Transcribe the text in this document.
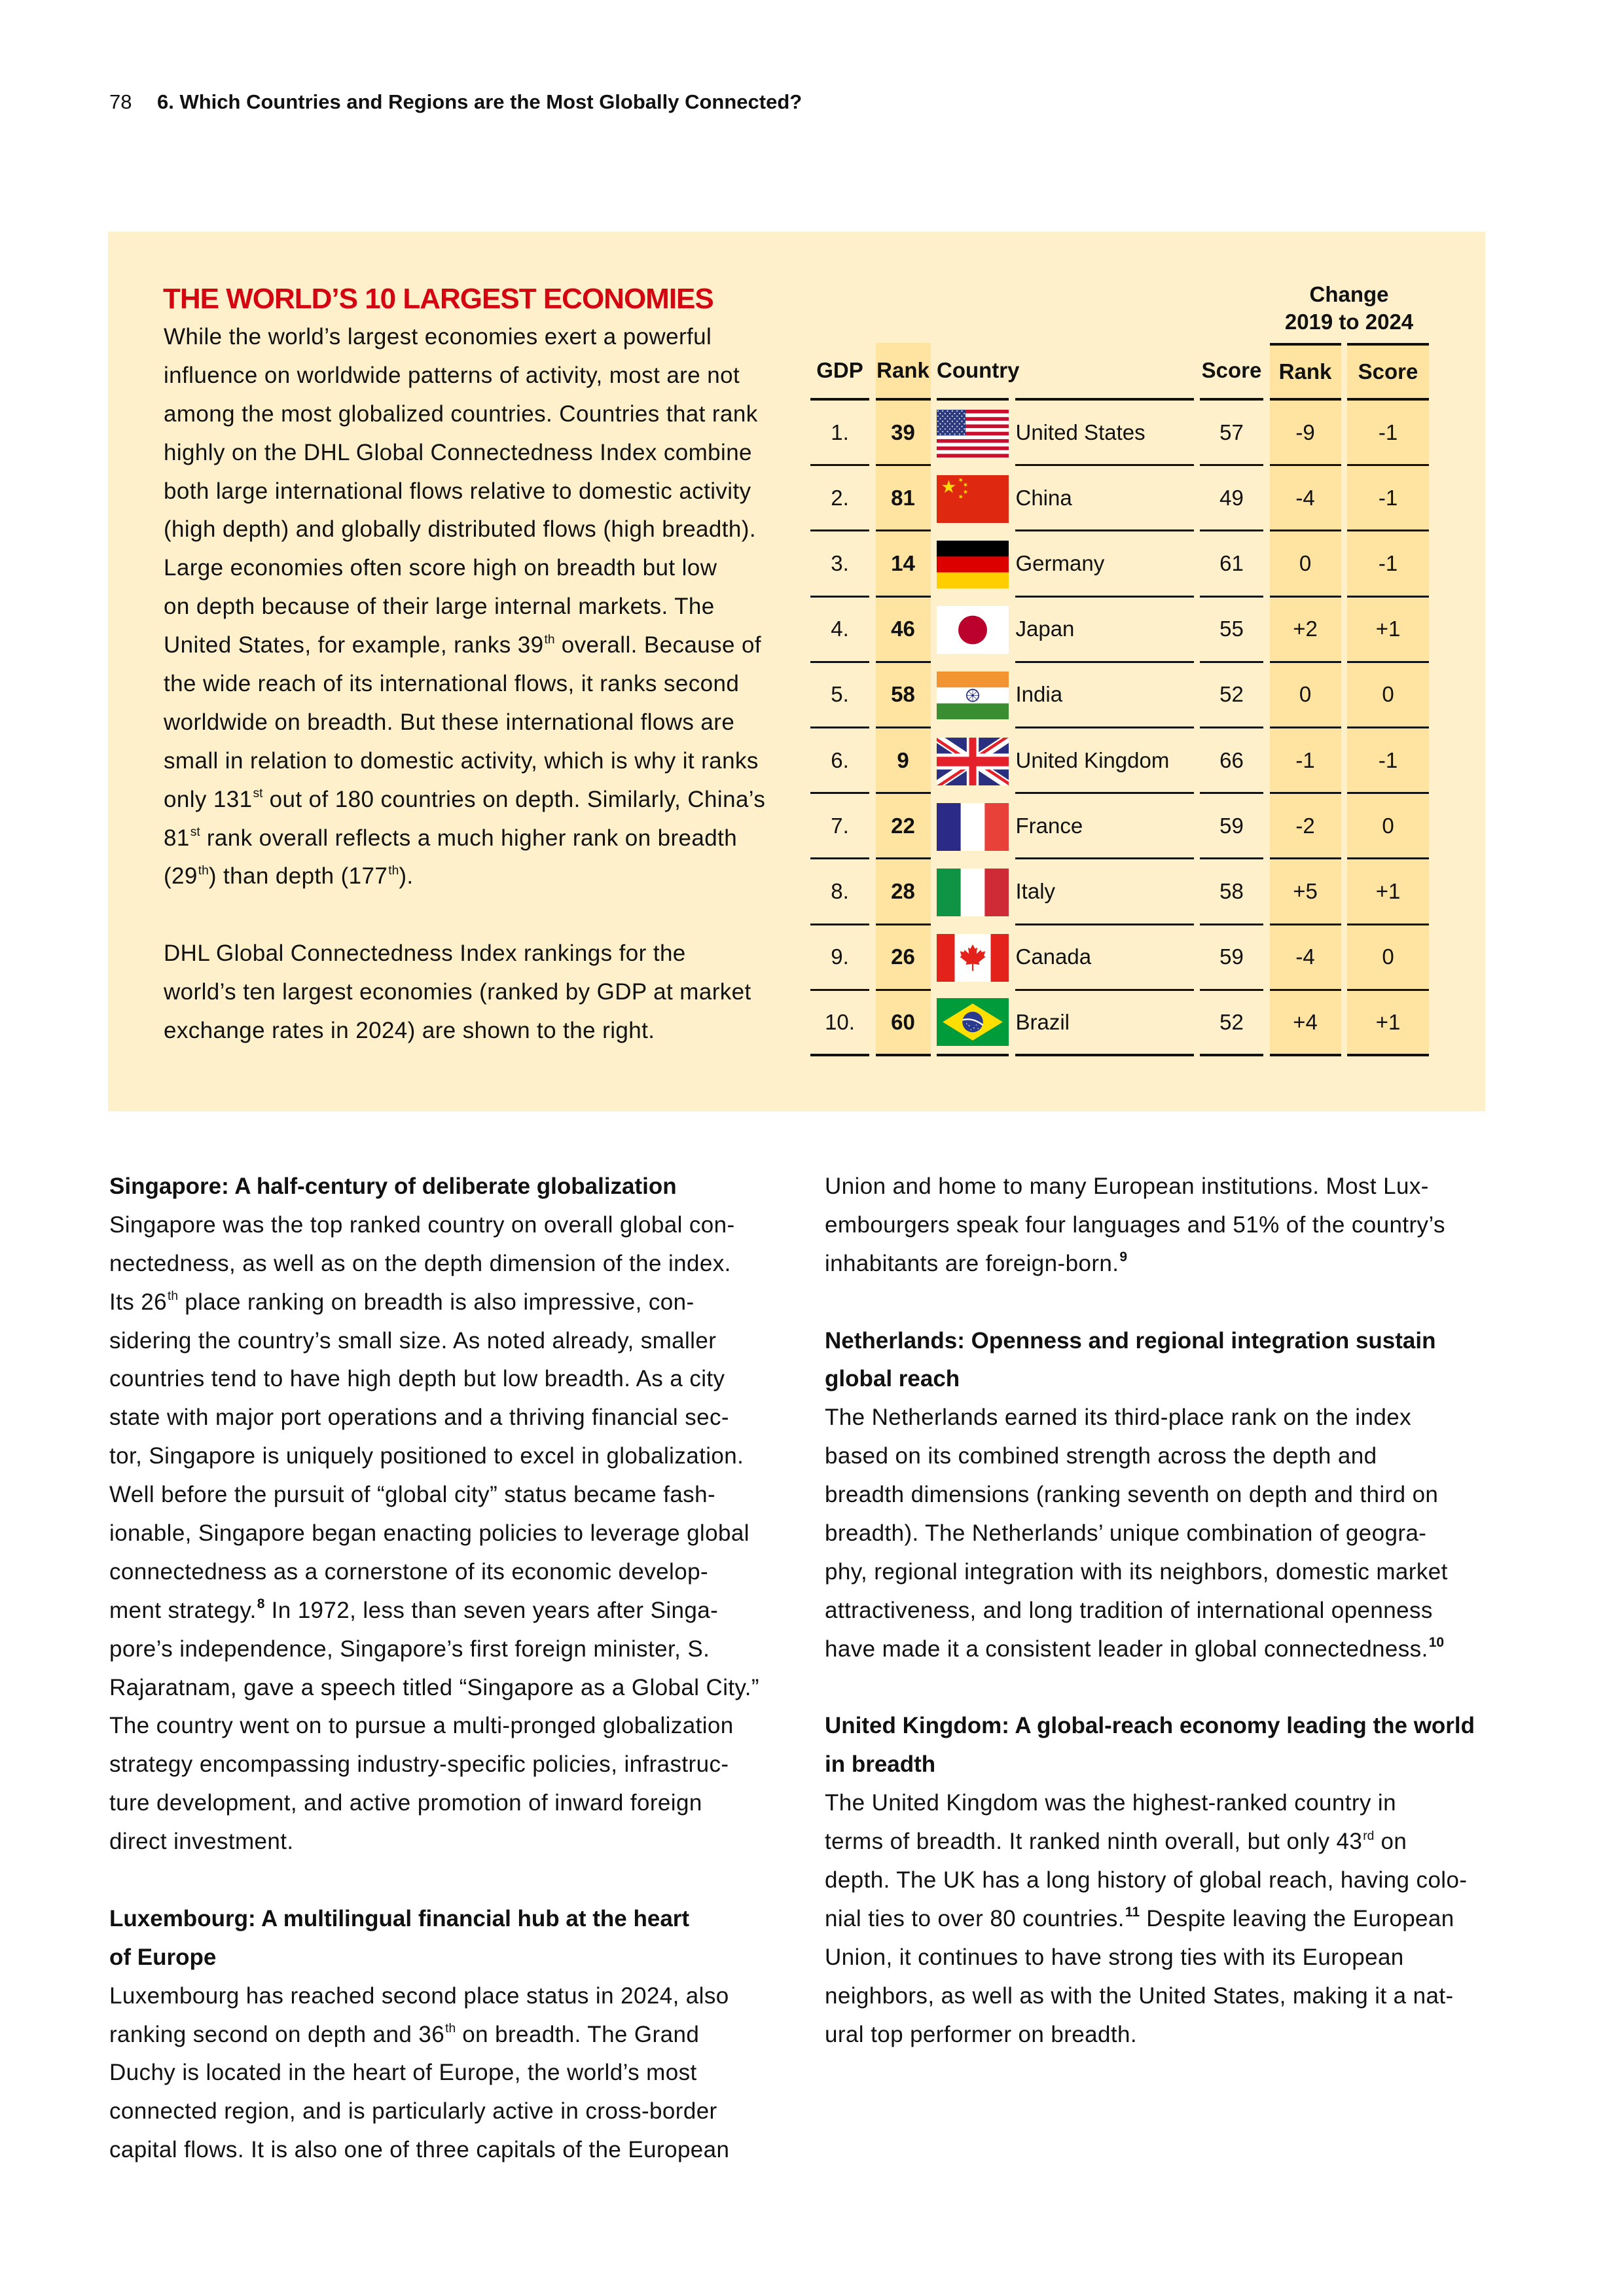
78 6. Which Countries and Regions are the Most Globally Connected?
THE WORLD’S 10 LARGEST ECONOMIES
While the world’s largest economies exert a powerful
influence on worldwide patterns of activity, most are not
among the most globalized countries. Countries that rank
highly on the DHL Global Connectedness Index combine
both large international flows relative to domestic activity
(high depth) and globally distributed flows (high breadth).
Large economies often score high on breadth but low
on depth because of their large internal markets. The
United States, for example, ranks 39th overall. Because of
the wide reach of its international flows, it ranks second
worldwide on breadth. But these international flows are
small in relation to domestic activity, which is why it ranks
only 131st out of 180 countries on depth. Similarly, China’s
81st rank overall reflects a much higher rank on breadth
(29th) than depth (177th).

DHL Global Connectedness Index rankings for the
world’s ten largest economies (ranked by GDP at market
exchange rates in 2024) are shown to the right.
Change
2019 to 2024
GDP Rank Country	Score Rank	Score
1.	39	United States	57	-9	-1
2.	81	China	49	-4	-1
3.	14	Germany	61	0	-1
4.	46	Japan	55	+2	+1
5.	58	India	52	0	0
6.	9	United Kingdom	66	-1	-1
7.	22	France	59	-2	0
8.	28	Italy	58	+5	+1
9.	26	Canada	59	-4	0
10.	60	Brazil	52	+4	+1
Singapore: A half-century of deliberate globalization
Singapore was the top ranked country on overall global con-
nectedness, as well as on the depth dimension of the index.
Its 26th place ranking on breadth is also impressive, con-
sidering the country’s small size. As noted already, smaller
countries tend to have high depth but low breadth. As a city
state with major port operations and a thriving financial sec-
tor, Singapore is uniquely positioned to excel in globalization.
Well before the pursuit of “global city” status became fash-
ionable, Singapore began enacting policies to leverage global
connectedness as a cornerstone of its economic develop-
ment strategy.$^8$ In 1972, less than seven years after Singa-
pore’s independence, Singapore’s first foreign minister, S.
Rajaratnam, gave a speech titled “Singapore as a Global City.”
The country went on to pursue a multi-pronged globalization
strategy encompassing industry-specific policies, infrastruc-
ture development, and active promotion of inward foreign
direct investment.

Luxembourg: A multilingual financial hub at the heart
of Europe
Luxembourg has reached second place status in 2024, also
ranking second on depth and 36th on breadth. The Grand
Duchy is located in the heart of Europe, the world’s most
connected region, and is particularly active in cross-border
capital flows. It is also one of three capitals of the European
Union and home to many European institutions. Most Lux-
embourgers speak four languages and 51% of the country’s
inhabitants are foreign-born.$^9$

Netherlands: Openness and regional integration sustain
global reach
The Netherlands earned its third-place rank on the index
based on its combined strength across the depth and
breadth dimensions (ranking seventh on depth and third on
breadth). The Netherlands’ unique combination of geogra-
phy, regional integration with its neighbors, domestic market
attractiveness, and long tradition of international openness
have made it a consistent leader in global connectedness.$^{10}$

United Kingdom: A global-reach economy leading the world
in breadth
The United Kingdom was the highest-ranked country in
terms of breadth. It ranked ninth overall, but only 43rd on
depth. The UK has a long history of global reach, having colo-
nial ties to over 80 countries.$^{11}$ Despite leaving the European
Union, it continues to have strong ties with its European
neighbors, as well as with the United States, making it a nat-
ural top performer on breadth.
